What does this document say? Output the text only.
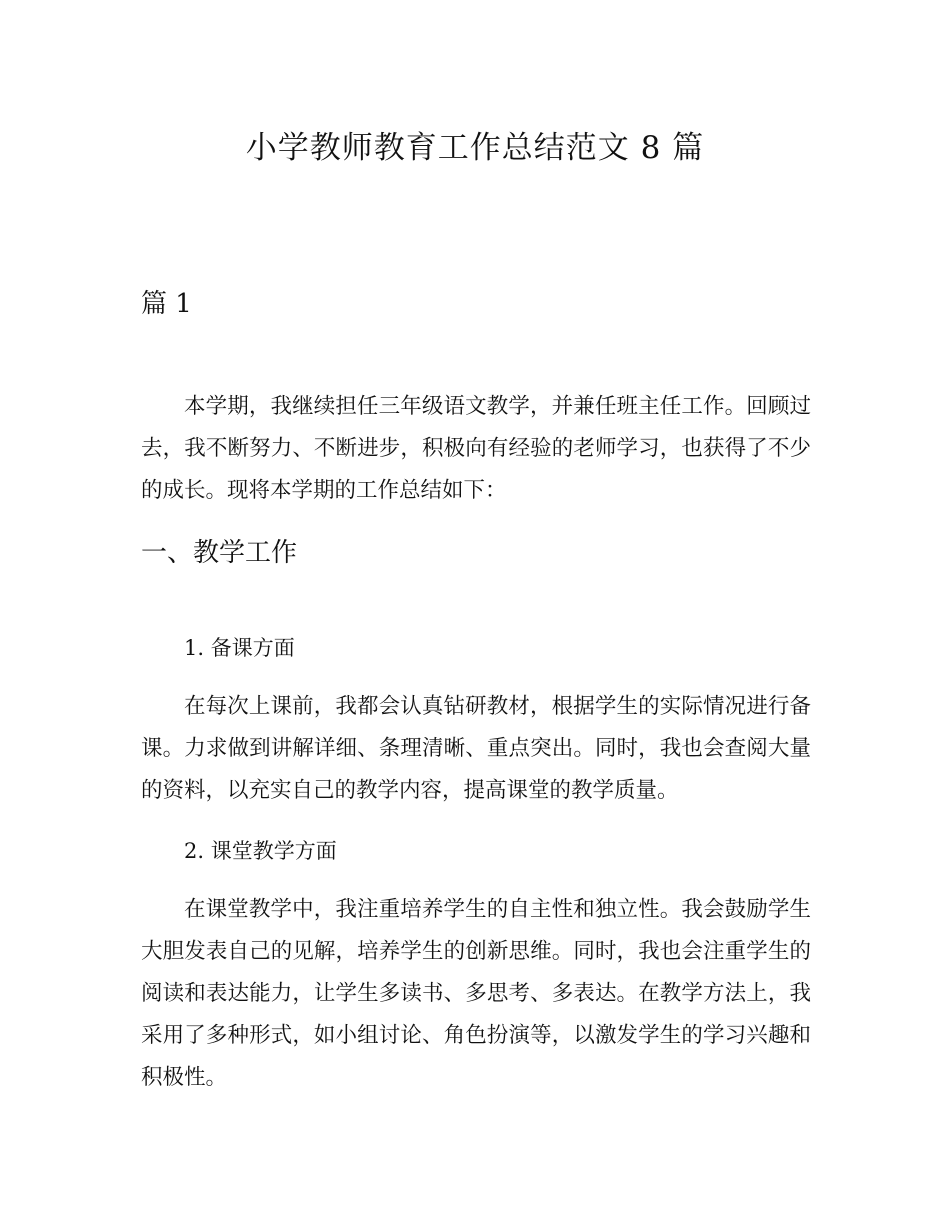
小学教师教育工作总结范文 8 篇
篇 1

本学期，我继续担任三年级语文教学，并兼任班主任工作。回顾过去，我不断努力、不断进步，积极向有经验的老师学习，也获得了不少的成长。现将本学期的工作总结如下：

一、教学工作
1. 备课方面

在每次上课前，我都会认真钻研教材，根据学生的实际情况进行备课。力求做到讲解详细、条理清晰、重点突出。同时，我也会查阅大量的资料，以充实自己的教学内容，提高课堂的教学质量。

2. 课堂教学方面

在课堂教学中，我注重培养学生的自主性和独立性。我会鼓励学生大胆发表自己的见解，培养学生的创新思维。同时，我也会注重学生的阅读和表达能力，让学生多读书、多思考、多表达。在教学方法上，我采用了多种形式，如小组讨论、角色扮演等，以激发学生的学习兴趣和积极性。
